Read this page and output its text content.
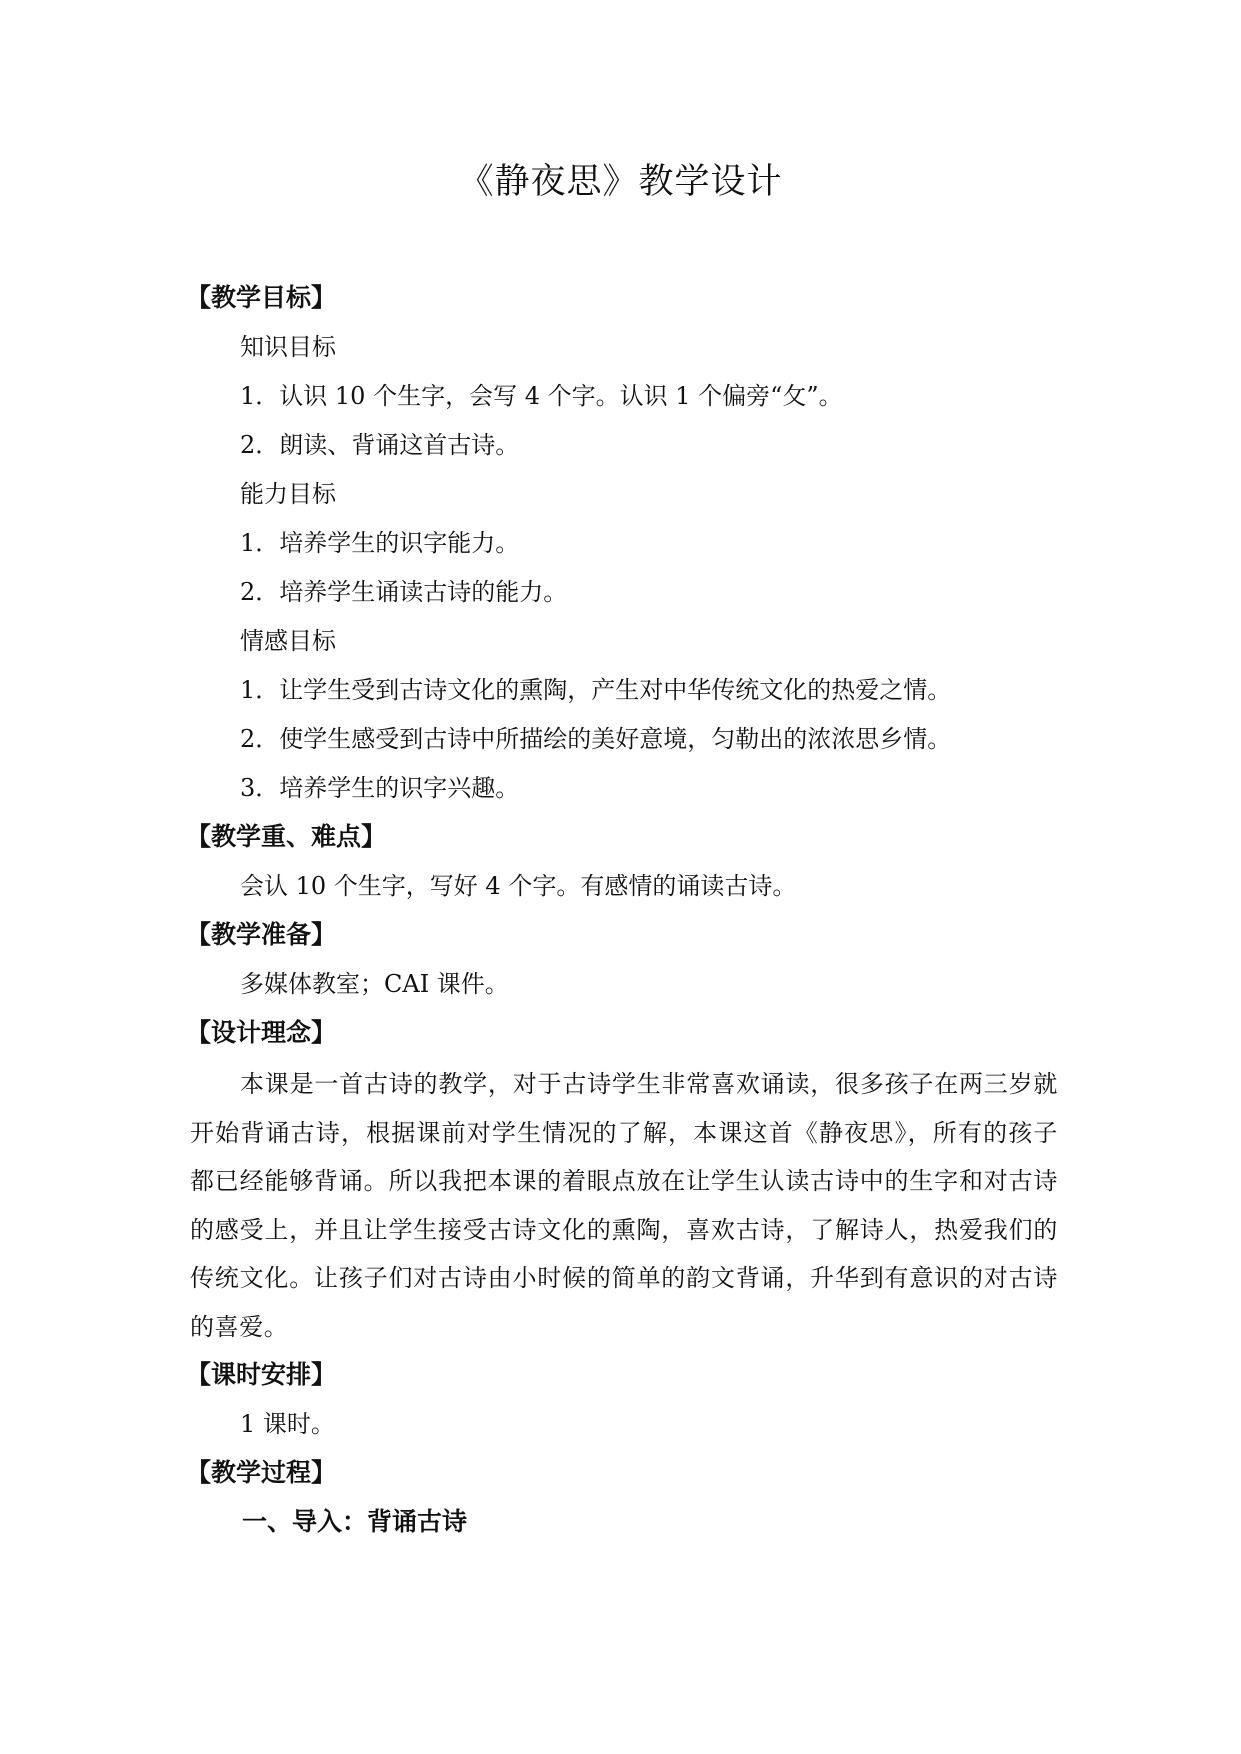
《静夜思》教学设计
【教学目标】
知识目标
1．认识 10 个生字，会写 4 个字。认识 1 个偏旁“攵”。
2．朗读、背诵这首古诗。
能力目标
1．培养学生的识字能力。
2．培养学生诵读古诗的能力。
情感目标
1．让学生受到古诗文化的熏陶，产生对中华传统文化的热爱之情。
2．使学生感受到古诗中所描绘的美好意境，匀勒出的浓浓思乡情。
3．培养学生的识字兴趣。
【教学重、难点】
会认 10 个生字，写好 4 个字。有感情的诵读古诗。
【教学准备】
多媒体教室；CAI 课件。
【设计理念】
本课是一首古诗的教学，对于古诗学生非常喜欢诵读，很多孩子在两三岁就开始背诵古诗，根据课前对学生情况的了解，本课这首《静夜思》，所有的孩子都已经能够背诵。所以我把本课的着眼点放在让学生认读古诗中的生字和对古诗的感受上，并且让学生接受古诗文化的熏陶，喜欢古诗，了解诗人，热爱我们的传统文化。让孩子们对古诗由小时候的简单的韵文背诵，升华到有意识的对古诗的喜爱。
【课时安排】
1 课时。
【教学过程】
一、导入：背诵古诗
